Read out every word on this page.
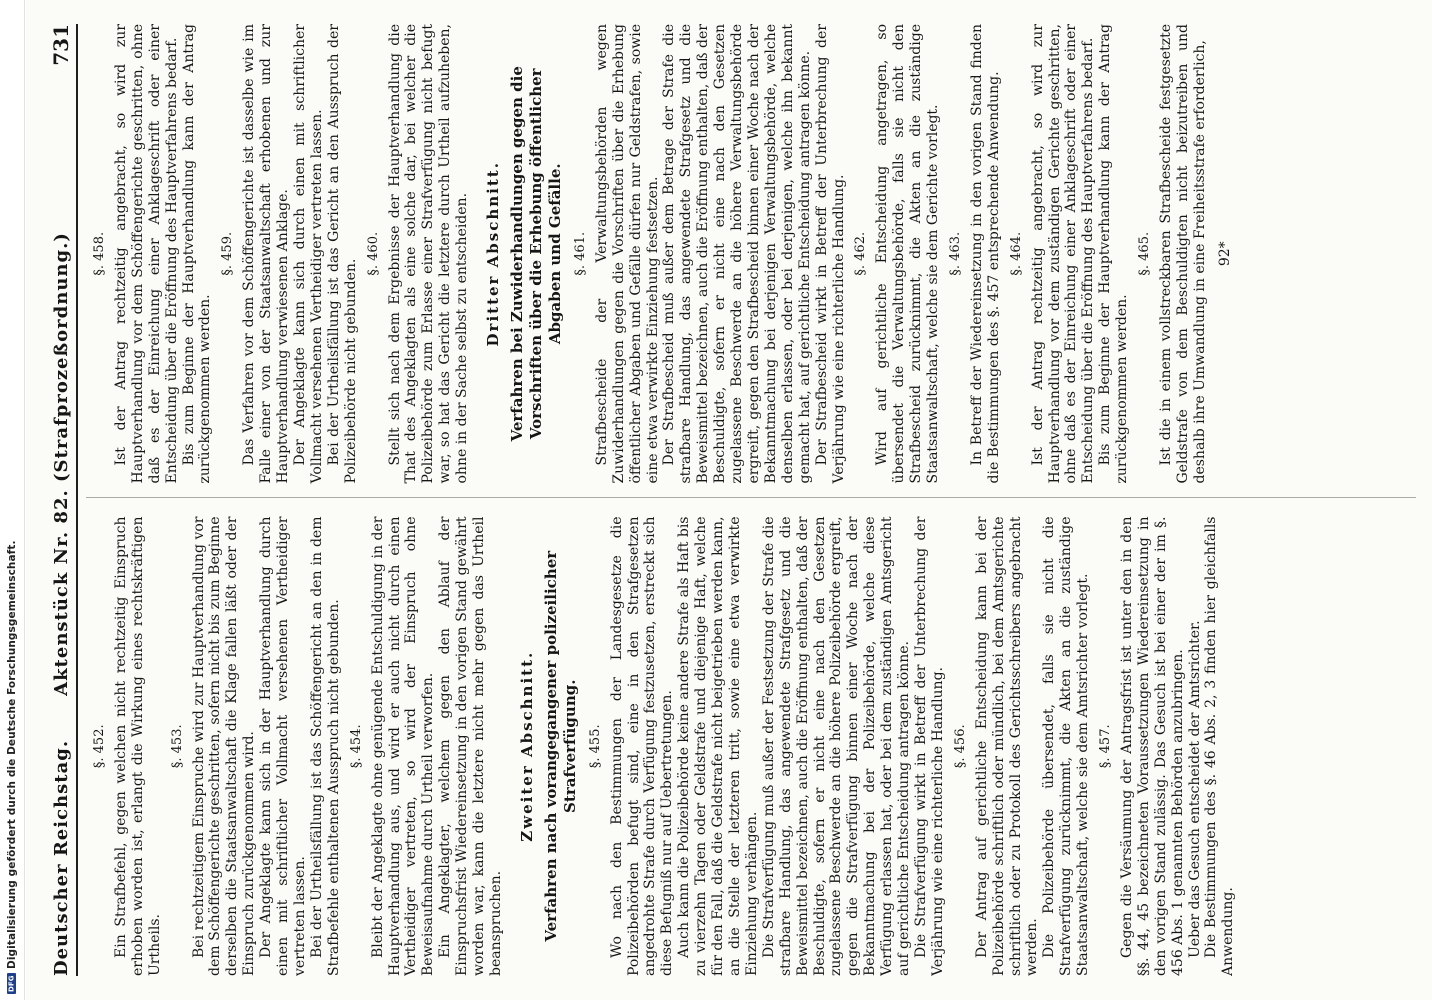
DFG
Digitalisierung gefördert durch die Deutsche Forschungsgemeinschaft. Deutscher Reichstag.
Aktenstück Nr. 82. (Strafprozeßordnung.)
731
§. 452. Ein Strafbefehl, gegen welchen nicht rechtzeitig Einspruch erhoben worden ist, erlangt die Wirkung eines rechtskräftigen Urtheils.

§. 453. Bei rechtzeitigem Einspruche wird zur Hauptverhandlung vor dem Schöffengerichte geschritten, sofern nicht bis zum Beginne derselben die Staatsanwaltschaft die Klage fallen läßt oder der Einspruch zurückgenommen wird. Der Angeklagte kann sich in der Hauptverhandlung durch einen mit schriftlicher Vollmacht versehenen Vertheidiger vertreten lassen. Bei der Urtheilsfällung ist das Schöffengericht an den in dem Strafbefehle enthaltenen Ausspruch nicht gebunden. §. 454. Bleibt der Angeklagte ohne genügende Entschuldigung in der Hauptverhandlung aus, und wird er auch nicht durch einen Vertheidiger vertreten, so wird der Einspruch ohne Beweisaufnahme durch Urtheil verworfen. Ein Angeklagter, welchem gegen den Ablauf der Einspruchsfrist Wiedereinsetzung in den vorigen Stand gewährt worden war, kann die letztere nicht mehr gegen das Urtheil beanspruchen.

Zweiter Abschnitt. Verfahren nach vorangegangener polizeilicher Strafverfügung. §. 455. Wo nach den Bestimmungen der Landesgesetze die Polizeibehörden befugt sind, eine in den Strafgesetzen angedrohte Strafe durch Verfügung festzusetzen, erstreckt sich diese Befugniß nur auf Uebertretungen. Auch kann die Polizeibehörde keine andere Strafe als Haft bis zu vierzehn Tagen oder Geldstrafe und diejenige Haft, welche für den Fall, daß die Geldstrafe nicht beigetrieben werden kann, an die Stelle der letzteren tritt, sowie eine etwa verwirkte Einziehung verhängen. Die Strafverfügung muß außer der Festsetzung der Strafe die strafbare Handlung, das angewendete Strafgesetz und die Beweismittel bezeichnen, auch die Eröffnung enthalten, daß der Beschuldigte, sofern er nicht eine nach den Gesetzen zugelassene Beschwerde an die höhere Polizeibehörde ergreift, gegen die Strafverfügung binnen einer Woche nach der Bekanntmachung bei der Polizeibehörde, welche diese Verfügung erlassen hat, oder bei dem zuständigen Amtsgericht auf gerichtliche Entscheidung antragen könne. Die Strafverfügung wirkt in Betreff der Unterbrechung der Verjährung wie eine richterliche Handlung. §. 456. Der Antrag auf gerichtliche Entscheidung kann bei der Polizeibehörde schriftlich oder mündlich, bei dem Amtsgerichte schriftlich oder zu Protokoll des Gerichtsschreibers angebracht werden. Die Polizeibehörde übersendet, falls sie nicht die Strafverfügung zurücknimmt, die Akten an die zuständige Staatsanwaltschaft, welche sie dem Amtsrichter vorlegt. §. 457. Gegen die Versäumung der Antragsfrist ist unter den in den §§. 44, 45 bezeichneten Voraussetzungen Wiedereinsetzung in den vorigen Stand zulässig. Das Gesuch ist bei einer der im §. 456 Abs. 1 genannten Behörden anzubringen. Ueber das Gesuch entscheidet der Amtsrichter. Die Bestimmungen des §. 46 Abs. 2, 3 finden hier gleichfalls Anwendung.

§. 458. Ist der Antrag rechtzeitig angebracht, so wird zur Hauptverhandlung vor dem Schöffengerichte geschritten, ohne daß es der Einreichung einer Anklageschrift oder einer Entscheidung über die Eröffnung des Hauptverfahrens bedarf. Bis zum Beginne der Hauptverhandlung kann der Antrag zurückgenommen werden.

§. 459. Das Verfahren vor dem Schöffengerichte ist dasselbe wie im Falle einer von der Staatsanwaltschaft erhobenen und zur Hauptverhandlung verwiesenen Anklage. Der Angeklagte kann sich durch einen mit schriftlicher Vollmacht versehenen Vertheidiger vertreten lassen. Bei der Urtheilsfällung ist das Gericht an den Ausspruch der Polizeibehörde nicht gebunden.

§. 460. Stellt sich nach dem Ergebnisse der Hauptverhandlung die That des Angeklagten als eine solche dar, bei welcher die Polizeibehörde zum Erlasse einer Strafverfügung nicht befugt war, so hat das Gericht die letztere durch Urtheil aufzuheben, ohne in der Sache selbst zu entscheiden. Dritter Abschnitt. Verfahren bei Zuwiderhandlungen gegen die Vorschriften über die Erhebung öffentlicher Abgaben und Gefälle. §. 461. Strafbescheide der Verwaltungsbehörden wegen Zuwiderhandlungen gegen die Vorschriften über die Erhebung öffentlicher Abgaben und Gefälle dürfen nur Geldstrafen, sowie eine etwa verwirkte Einziehung festsetzen. Der Strafbescheid muß außer dem Betrage der Strafe die strafbare Handlung, das angewendete Strafgesetz und die Beweismittel bezeichnen, auch die Eröffnung enthalten, daß der Beschuldigte, sofern er nicht eine nach den Gesetzen zugelassene Beschwerde an die höhere Verwaltungsbehörde ergreift, gegen den Strafbescheid binnen einer Woche nach der Bekanntmachung bei derjenigen Verwaltungsbehörde, welche denselben erlassen, oder bei derjenigen, welche ihn bekannt gemacht hat, auf gerichtliche Entscheidung antragen könne. Der Strafbescheid wirkt in Betreff der Unterbrechung der Verjährung wie eine richterliche Handlung. §. 462. Wird auf gerichtliche Entscheidung angetragen, so übersendet die Verwaltungsbehörde, falls sie nicht den Strafbescheid zurücknimmt, die Akten an die zuständige Staatsanwaltschaft, welche sie dem Gerichte vorlegt. §. 463. In Betreff der Wiedereinsetzung in den vorigen Stand finden die Bestimmungen des §. 457 entsprechende Anwendung. §. 464. Ist der Antrag rechtzeitig angebracht, so wird zur Hauptverhandlung vor dem zuständigen Gerichte geschritten, ohne daß es der Einreichung einer Anklageschrift oder einer Entscheidung über die Eröffnung des Hauptverfahrens bedarf. Bis zum Beginne der Hauptverhandlung kann der Antrag zurückgenommen werden.

§. 465. Ist die in einem vollstreckbaren Strafbescheide festgesetzte Geldstrafe von dem Beschuldigten nicht beizutreiben und deshalb ihre Umwandlung in eine Freiheitsstrafe erforderlich, 92*
